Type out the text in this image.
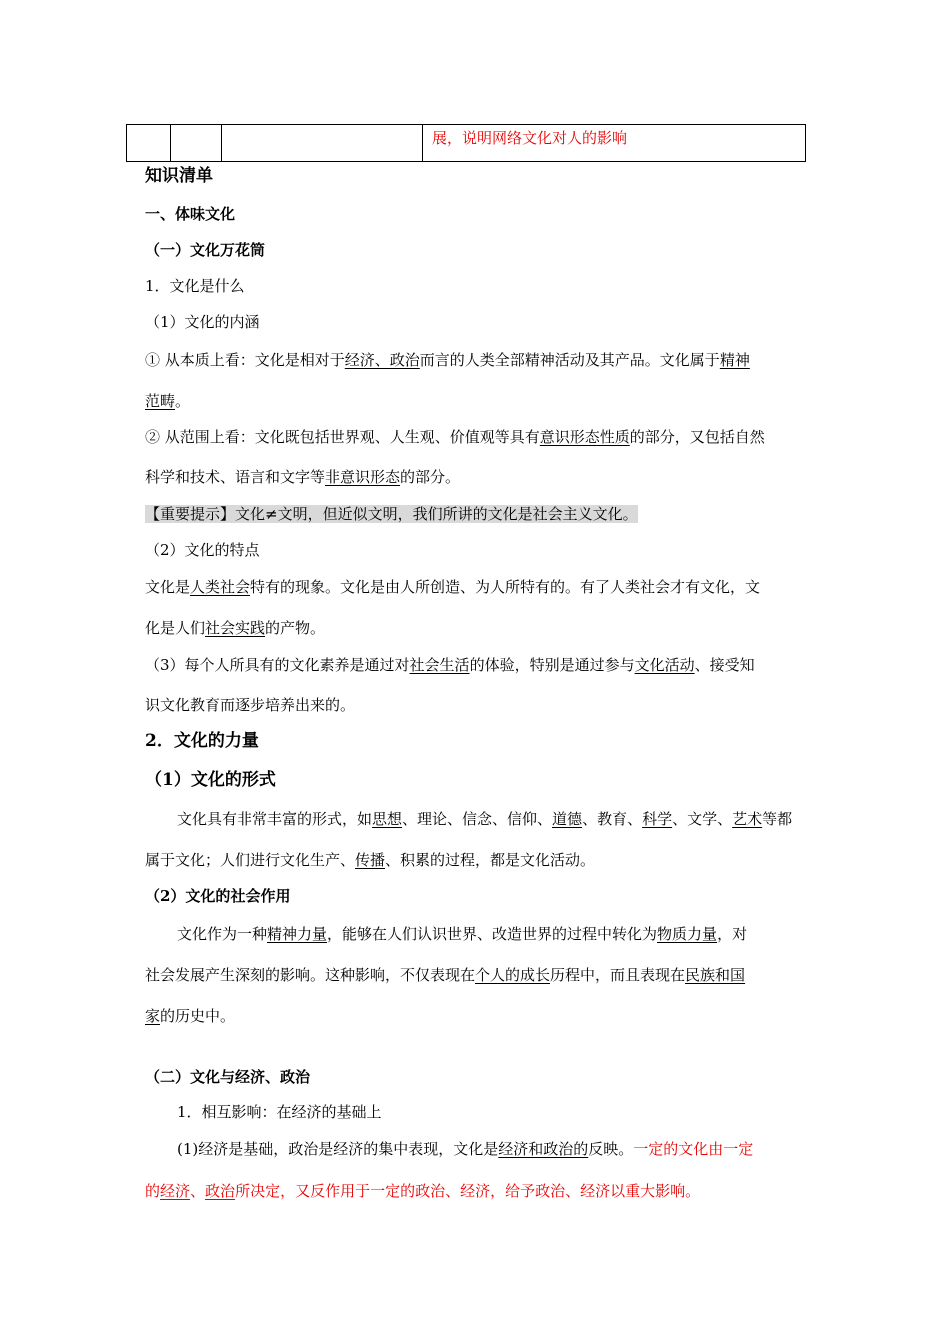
展，说明网络文化对人的影响
知识清单
一、体味文化
（一）文化万花筒
1．文化是什么
（1）文化的内涵
① 从本质上看：文化是相对于经济、政治而言的人类全部精神活动及其产品。文化属于精神
范畴。
② 从范围上看：文化既包括世界观、人生观、价值观等具有意识形态性质的部分，又包括自然
科学和技术、语言和文字等非意识形态的部分。
【重要提示】文化≠文明，但近似文明，我们所讲的文化是社会主义文化。
（2）文化的特点
文化是人类社会特有的现象。文化是由人所创造、为人所特有的。有了人类社会才有文化，文
化是人们社会实践的产物。
（3）每个人所具有的文化素养是通过对社会生活的体验，特别是通过参与文化活动、接受知
识文化教育而逐步培养出来的。
2．文化的力量
（1）文化的形式
文化具有非常丰富的形式，如思想、理论、信念、信仰、道德、教育、科学、文学、艺术等都
属于文化；人们进行文化生产、传播、积累的过程，都是文化活动。
（2）文化的社会作用
文化作为一种精神力量，能够在人们认识世界、改造世界的过程中转化为物质力量，对
社会发展产生深刻的影响。这种影响，不仅表现在个人的成长历程中，而且表现在民族和国
家的历史中。
（二）文化与经济、政治
1．相互影响：在经济的基础上
(1)经济是基础，政治是经济的集中表现，文化是经济和政治的反映。一定的文化由一定
的经济、政治所决定，又反作用于一定的政治、经济，给予政治、经济以重大影响。
